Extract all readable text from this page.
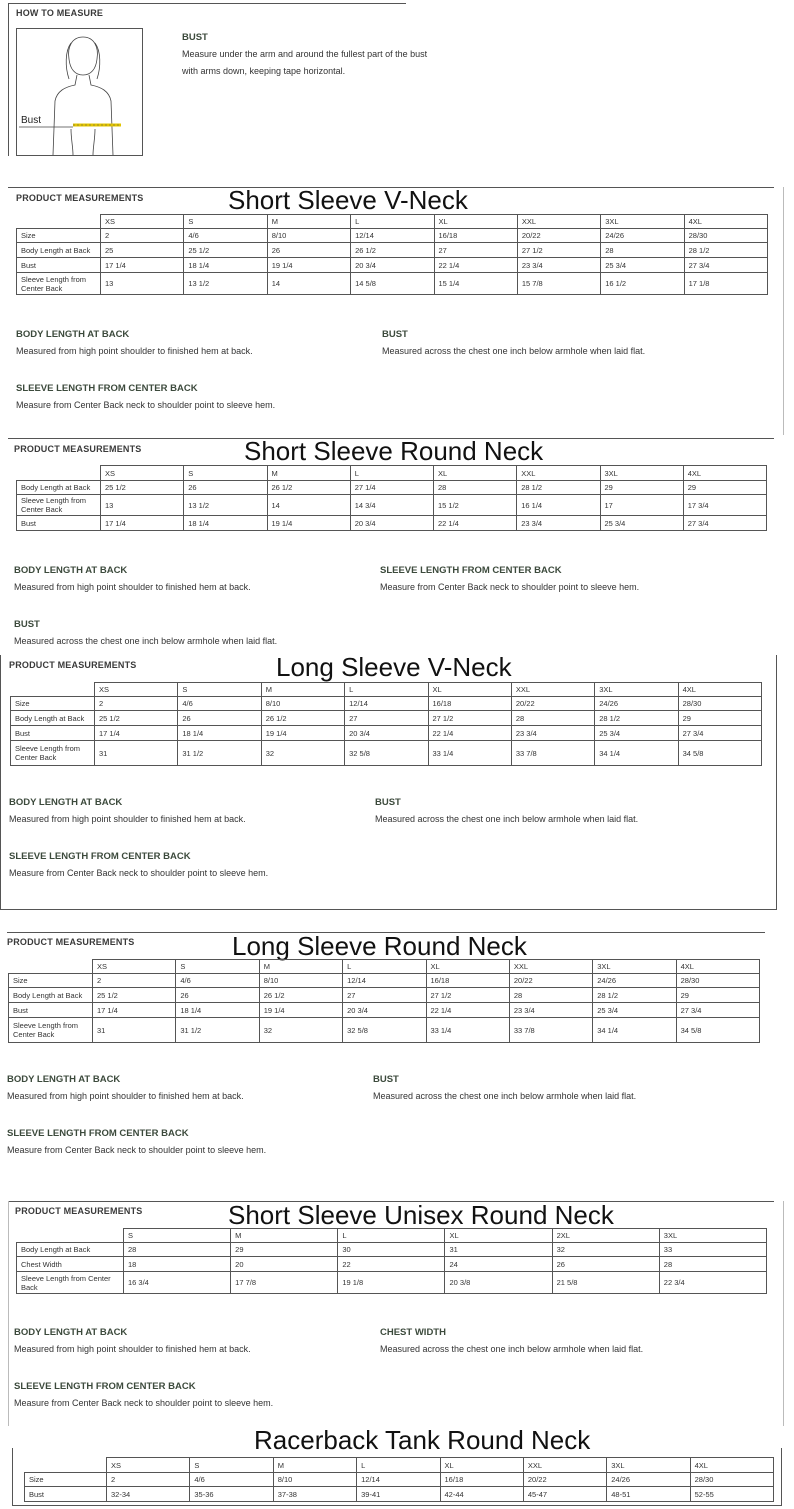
HOW TO MEASURE
Bust
BUST
Measure under the arm and around the fullest part of the bust
with arms down, keeping tape horizontal.
PRODUCT MEASUREMENTS	Short Sleeve V-Neck
	XS	S	M	L	XL	XXL	3XL	4XL
Size	2	4/6	8/10	12/14	16/18	20/22	24/26	28/30
Body Length at Back	25	25 1/2	26	26 1/2	27	27 1/2	28	28 1/2
Bust	17 1/4	18 1/4	19 1/4	20 3/4	22 1/4	23 3/4	25 3/4	27 3/4
Sleeve Length from Center Back	13	13 1/2	14	14 5/8	15 1/4	15 7/8	16 1/2	17 1/8
BODY LENGTH AT BACK
Measured from high point shoulder to finished hem at back.
BUST
Measured across the chest one inch below armhole when laid flat.
SLEEVE LENGTH FROM CENTER BACK
Measure from Center Back neck to shoulder point to sleeve hem.
PRODUCT MEASUREMENTS	Short Sleeve Round Neck
	XS	S	M	L	XL	XXL	3XL	4XL
Body Length at Back	25 1/2	26	26 1/2	27 1/4	28	28 1/2	29	29
Sleeve Length from Center Back	13	13 1/2	14	14 3/4	15 1/2	16 1/4	17	17 3/4
Bust	17 1/4	18 1/4	19 1/4	20 3/4	22 1/4	23 3/4	25 3/4	27 3/4
BODY LENGTH AT BACK
Measured from high point shoulder to finished hem at back.
SLEEVE LENGTH FROM CENTER BACK
Measure from Center Back neck to shoulder point to sleeve hem.
BUST
Measured across the chest one inch below armhole when laid flat.
PRODUCT MEASUREMENTS	Long Sleeve V-Neck
	XS	S	M	L	XL	XXL	3XL	4XL
Size	2	4/6	8/10	12/14	16/18	20/22	24/26	28/30
Body Length at Back	25 1/2	26	26 1/2	27	27 1/2	28	28 1/2	29
Bust	17 1/4	18 1/4	19 1/4	20 3/4	22 1/4	23 3/4	25 3/4	27 3/4
Sleeve Length from Center Back	31	31 1/2	32	32 5/8	33 1/4	33 7/8	34 1/4	34 5/8
BODY LENGTH AT BACK
Measured from high point shoulder to finished hem at back.
BUST
Measured across the chest one inch below armhole when laid flat.
SLEEVE LENGTH FROM CENTER BACK
Measure from Center Back neck to shoulder point to sleeve hem.
PRODUCT MEASUREMENTS	Long Sleeve Round Neck
	XS	S	M	L	XL	XXL	3XL	4XL
Size	2	4/6	8/10	12/14	16/18	20/22	24/26	28/30
Body Length at Back	25 1/2	26	26 1/2	27	27 1/2	28	28 1/2	29
Bust	17 1/4	18 1/4	19 1/4	20 3/4	22 1/4	23 3/4	25 3/4	27 3/4
Sleeve Length from Center Back	31	31 1/2	32	32 5/8	33 1/4	33 7/8	34 1/4	34 5/8
BODY LENGTH AT BACK
Measured from high point shoulder to finished hem at back.
BUST
Measured across the chest one inch below armhole when laid flat.
SLEEVE LENGTH FROM CENTER BACK
Measure from Center Back neck to shoulder point to sleeve hem.
PRODUCT MEASUREMENTS	Short Sleeve Unisex Round Neck
	S	M	L	XL	2XL	3XL
Body Length at Back	28	29	30	31	32	33
Chest Width	18	20	22	24	26	28
Sleeve Length from Center Back	16 3/4	17 7/8	19 1/8	20 3/8	21 5/8	22 3/4
BODY LENGTH AT BACK
Measured from high point shoulder to finished hem at back.
CHEST WIDTH
Measured across the chest one inch below armhole when laid flat.
SLEEVE LENGTH FROM CENTER BACK
Measure from Center Back neck to shoulder point to sleeve hem.
Racerback Tank Round Neck
	XS	S	M	L	XL	XXL	3XL	4XL
Size	2	4/6	8/10	12/14	16/18	20/22	24/26	28/30
Bust	32-34	35-36	37-38	39-41	42-44	45-47	48-51	52-55
